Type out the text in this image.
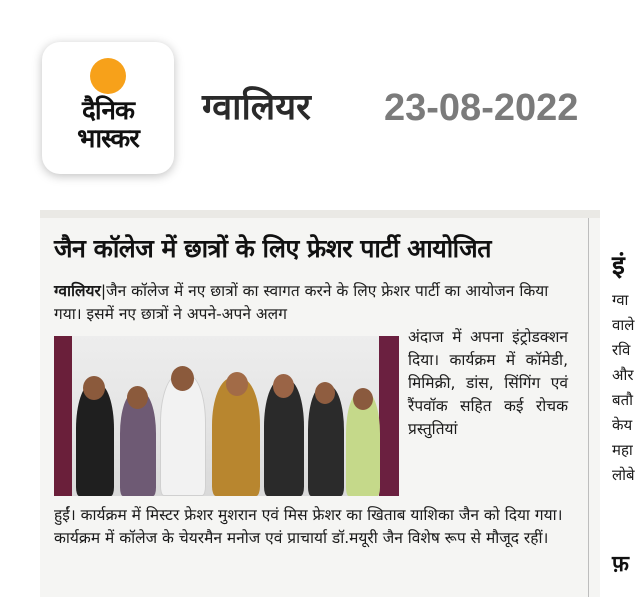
दैनिक
भास्कर
ग्वालियर 23-08-2022
जैन कॉलेज में छात्रों के लिए फ्रेशर पार्टी आयोजित
ग्वालियर|जैन कॉलेज में नए छात्रों का स्वागत करने के लिए फ्रेशर पार्टी का आयोजन किया गया। इसमें नए छात्रों ने अपने-अपने अलग
अंदाज में अपना इंट्रोडक्शन दिया। कार्यक्रम में कॉमेडी, मिमिक्री, डांस, सिंगिंग एवं रैंपवॉक सहित कई रोचक प्रस्तुतियां
हुईं। कार्यक्रम में मिस्टर फ्रेशर मुशरान एवं मिस फ्रेशर का खिताब याशिका जैन को दिया गया। कार्यक्रम में कॉलेज के चेयरमैन मनोज एवं प्राचार्या डॉ.मयूरी जैन विशेष रूप से मौजूद रहीं।
इं
ग्वा
वाले
रवि
और
बतौ
केय
महा
लोबे
फ़
